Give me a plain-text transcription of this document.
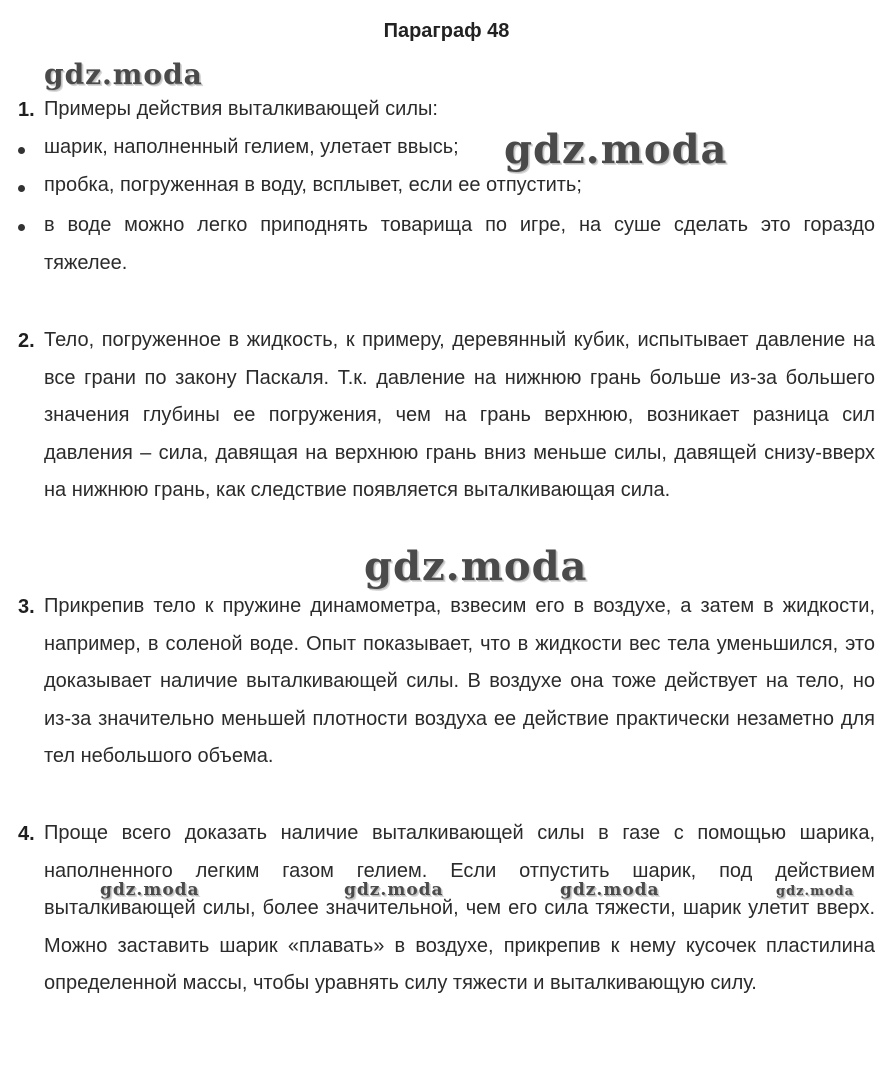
Параграф 48
gdz.moda
gdz.moda
gdz.moda
gdz.moda	gdz.moda	gdz.moda	gdz.moda
1. Примеры действия выталкивающей силы:

шарик, наполненный гелием, улетает ввысь;

пробка, погруженная в воду, всплывет, если ее отпустить;

в воде можно легко приподнять товарища по игре, на суше сделать это гораздо тяжелее.

2. Тело, погруженное в жидкость, к примеру, деревянный кубик, испытывает давление на все грани по закону Паскаля. Т.к. давление на нижнюю грань больше из-за большего значения глубины ее погружения, чем на грань верхнюю, возникает разница сил давления – сила, давящая на верхнюю грань вниз меньше силы, давящей снизу-вверх на нижнюю грань, как следствие появляется выталкивающая сила.

3. Прикрепив тело к пружине динамометра, взвесим его в воздухе, а затем в жидкости, например, в соленой воде. Опыт показывает, что в жидкости вес тела уменьшился, это доказывает наличие выталкивающей силы. В воздухе она тоже действует на тело, но из-за значительно меньшей плотности воздуха ее действие практически незаметно для тел небольшого объема.

4. Проще всего доказать наличие выталкивающей силы в газе с помощью шарика, наполненного легким газом гелием. Если отпустить шарик, под действием выталкивающей силы, более значительной, чем его сила тяжести, шарик улетит вверх. Можно заставить шарик «плавать» в воздухе, прикрепив к нему кусочек пластилина определенной массы, чтобы уравнять силу тяжести и выталкивающую силу.
